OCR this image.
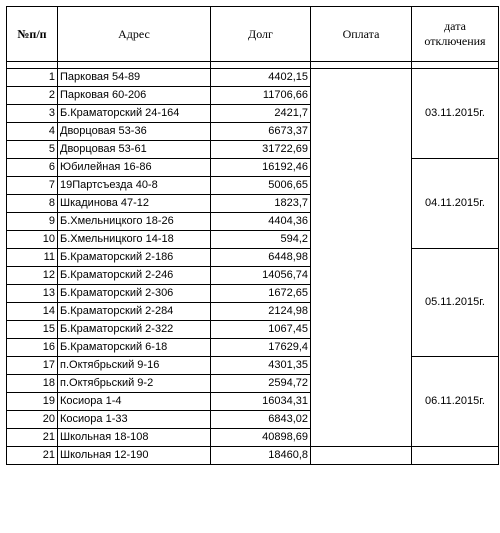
№п/п	Адрес	Долг	Оплата	дата отключения

1	Парковая 54-89	4402,15		03.11.2015г.
2	Парковая 60-206	11706,66		
3	Б.Краматорский 24-164	2421,7		
4	Дворцовая 53-36	6673,37		
5	Дворцовая 53-61	31722,69		
6	Юбилейная 16-86	16192,46		04.11.2015г.
7	19Партсъезда 40-8	5006,65		
8	Шкадинова 47-12	1823,7		
9	Б.Хмельницкого 18-26	4404,36		
10	Б.Хмельницкого 14-18	594,2		
11	Б.Краматорский 2-186	6448,98		05.11.2015г.
12	Б.Краматорский 2-246	14056,74		
13	Б.Краматорский 2-306	1672,65		
14	Б.Краматорский 2-284	2124,98		
15	Б.Краматорский 2-322	1067,45		
16	Б.Краматорский 6-18	17629,4		
17	п.Октябрьский 9-16	4301,35		06.11.2015г.
18	п.Октябрьский 9-2	2594,72		
19	Косиора 1-4	16034,31		
20	Косиора 1-33	6843,02		
21	Школьная 18-108	40898,69		
21	Школьная 12-190	18460,8		
